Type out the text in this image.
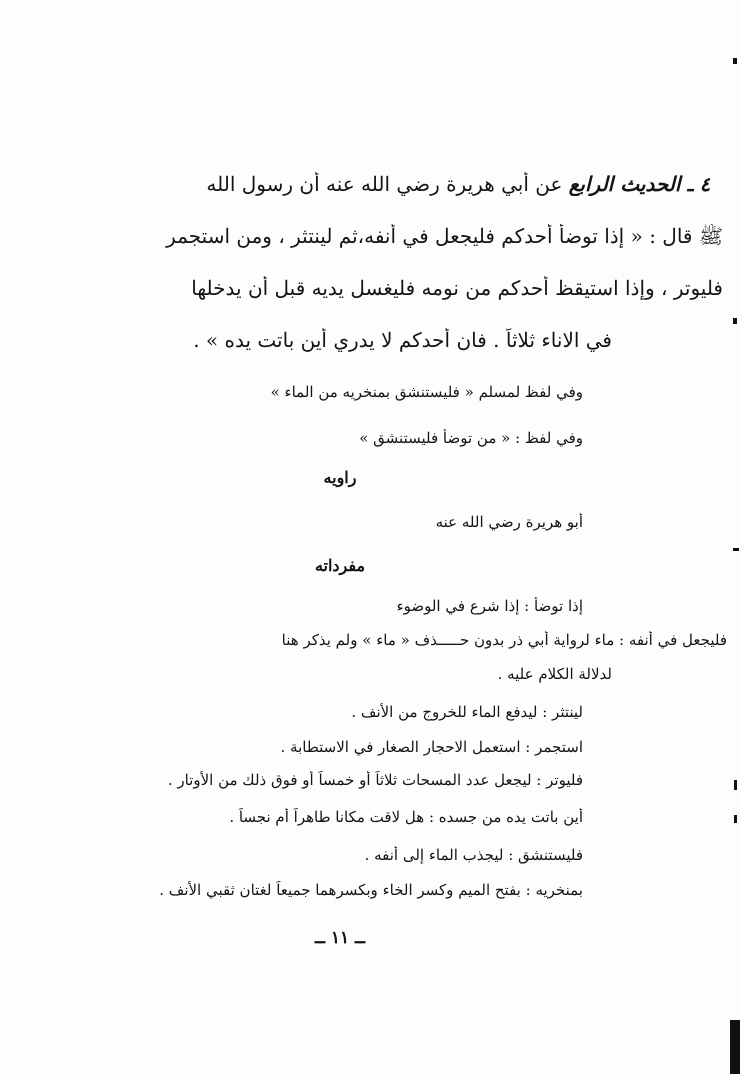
٤ ـ الحديث الرابع عن أبي هريرة رضي الله عنه أن رسول الله
ﷺ قال : « إذا توضأ أحدكم فليجعل في أنفه،ثم لينتثر ، ومن استجمر
فليوتر ، وإذا استيقظ أحدكم من نومه فليغسل يديه قبل أن يدخلها
في الاناء ثلاثاً . فان أحدكم لا يدري أين باتت يده » .
وفي لفظ لمسلم « فليستنشق بمنخريه من الماء »
وفي لفظ : « من توضأ فليستنشق »
راويه
أبو هريرة رضي الله عنه
مفرداته
إذا توضأ : إذا شرع في الوضوء
فليجعل في أنفه : ماء لرواية أبي ذر بدون حـــــذف « ماء » ولم يذكر هنا
لدلالة الكلام عليه .
لينتثر : ليدفع الماء للخروج من الأنف .
استجمر : استعمل الاحجار الصغار في الاستطابة .
فليوتر : ليجعل عدد المسحات ثلاثاً أو خمساً أو فوق ذلك من الأوتار .
أين باتت يده من جسده : هل لاقت مكانا طاهراً أم نجساً .
فليستنشق : ليجذب الماء إلى أنفه .
بمنخريه : بفتح الميم وكسر الخاء وبكسرهما جميعاً لغتان ثقبي الأنف .
ــ ١١ ــ
